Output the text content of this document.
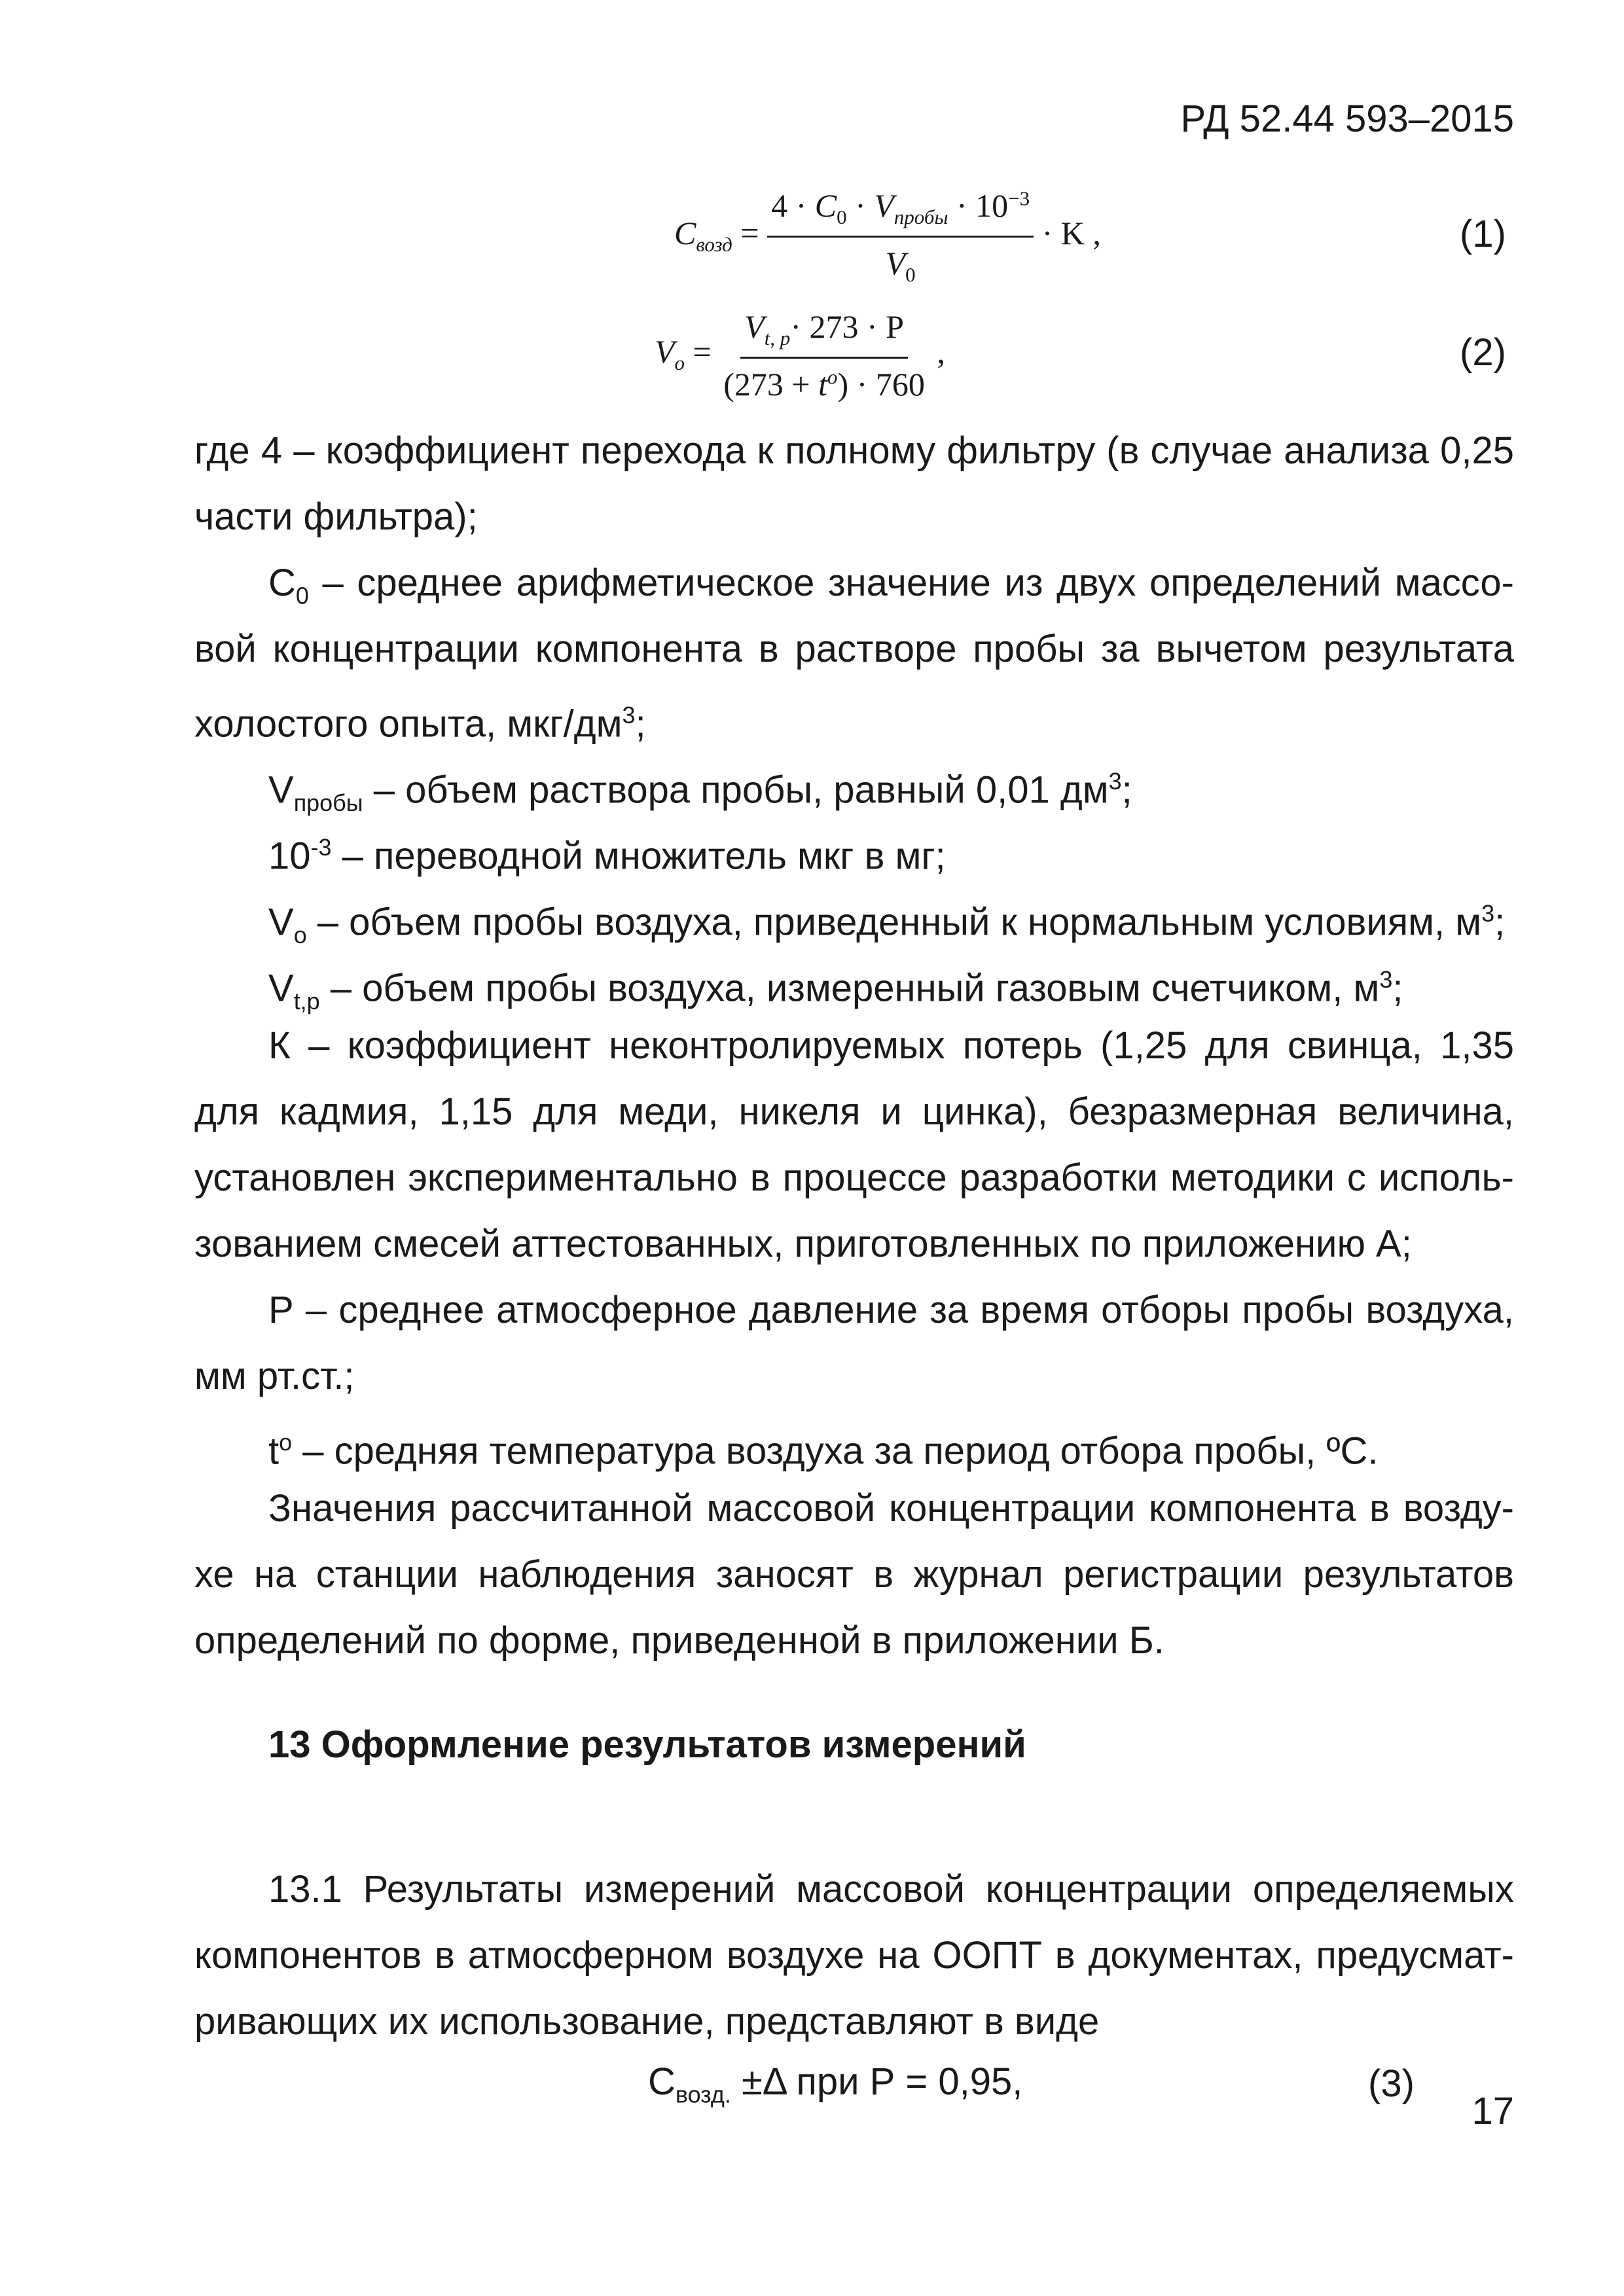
РД 52.44 593–2015
$C_{возд} = \frac{4 \cdot C_0 \cdot V_{пробы} \cdot 10^{-3}}{V_0} \cdot K$ ,	(1)
$V_o = \frac{V_{t, p}\cdot 273 \cdot P}{(273 + t^o) \cdot 760}$ ,	(2)
где 4 – коэффициент перехода к полному фильтру (в случае анализа 0,25
части фильтра);
$С_0$ – среднее арифметическое значение из двух определений массо-
вой концентрации компонента в растворе пробы за вычетом результата
холостого опыта, мкг/$дм^3$;
$V_{пробы}$ – объем раствора пробы, равный 0,01 $дм^3$;
$10^{-3}$ – переводной множитель мкг в мг;
$V_о$ – объем пробы воздуха, приведенный к нормальным условиям, $м^3$;
$V_{t,p}$ – объем пробы воздуха, измеренный газовым счетчиком, $м^3$;
К – коэффициент неконтролируемых потерь (1,25 для свинца, 1,35
для кадмия, 1,15 для меди, никеля и цинка), безразмерная величина,
установлен экспериментально в процессе разработки методики с исполь-
зованием смесей аттестованных, приготовленных по приложению А;
Р – среднее атмосферное давление за время отборы пробы воздуха,
мм рт.ст.;
$t^о$ – средняя температура воздуха за период отбора пробы, ºС.
Значения рассчитанной массовой концентрации компонента в возду-
хе на станции наблюдения заносят в журнал регистрации результатов
определений по форме, приведенной в приложении Б.
13 Оформление результатов измерений
13.1 Результаты измерений массовой концентрации определяемых
компонентов в атмосферном воздухе на ООПТ в документах, предусмат-
ривающих их использование, представляют в виде
$C_{возд.} \pm\Delta$ при Р = 0,95,	(3)
17
